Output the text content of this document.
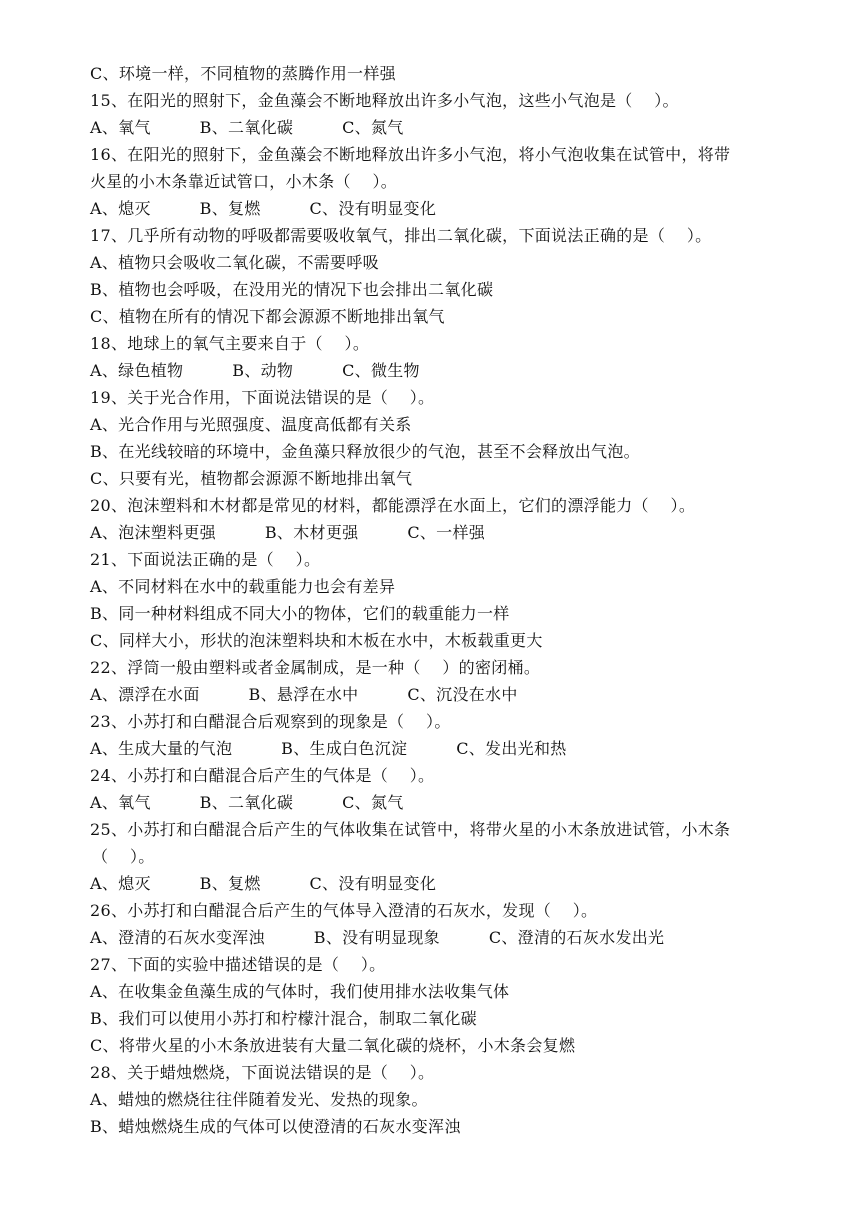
C、环境一样，不同植物的蒸腾作用一样强
15、在阳光的照射下，金鱼藻会不断地释放出许多小气泡，这些小气泡是（　 ）。
A、氧气　　　B、二氧化碳　　　C、氮气
16、在阳光的照射下，金鱼藻会不断地释放出许多小气泡，将小气泡收集在试管中，将带
火星的小木条靠近试管口，小木条（　 ）。
A、熄灭　　　B、复燃　　　C、没有明显变化
17、几乎所有动物的呼吸都需要吸收氧气，排出二氧化碳，下面说法正确的是（　 ）。
A、植物只会吸收二氧化碳，不需要呼吸
B、植物也会呼吸，在没用光的情况下也会排出二氧化碳
C、植物在所有的情况下都会源源不断地排出氧气
18、地球上的氧气主要来自于（　 ）。
A、绿色植物　　　B、动物　　　C、微生物
19、关于光合作用，下面说法错误的是（　 ）。
A、光合作用与光照强度、温度高低都有关系
B、在光线较暗的环境中，金鱼藻只释放很少的气泡，甚至不会释放出气泡。
C、只要有光，植物都会源源不断地排出氧气
20、泡沫塑料和木材都是常见的材料，都能漂浮在水面上，它们的漂浮能力（　 ）。
A、泡沫塑料更强　　　B、木材更强　　　C、一样强
21、下面说法正确的是（　 ）。
A、不同材料在水中的载重能力也会有差异
B、同一种材料组成不同大小的物体，它们的载重能力一样
C、同样大小，形状的泡沫塑料块和木板在水中，木板载重更大
22、浮筒一般由塑料或者金属制成，是一种（　 ）的密闭桶。
A、漂浮在水面　　　B、悬浮在水中　　　C、沉没在水中
23、小苏打和白醋混合后观察到的现象是（　 ）。
A、生成大量的气泡　　　B、生成白色沉淀　　　C、发出光和热
24、小苏打和白醋混合后产生的气体是（　 ）。
A、氧气　　　B、二氧化碳　　　C、氮气
25、小苏打和白醋混合后产生的气体收集在试管中，将带火星的小木条放进试管，小木条
（　 ）。
A、熄灭　　　B、复燃　　　C、没有明显变化
26、小苏打和白醋混合后产生的气体导入澄清的石灰水，发现（　 ）。
A、澄清的石灰水变浑浊　　　B、没有明显现象　　　C、澄清的石灰水发出光
27、下面的实验中描述错误的是（　 ）。
A、在收集金鱼藻生成的气体时，我们使用排水法收集气体
B、我们可以使用小苏打和柠檬汁混合，制取二氧化碳
C、将带火星的小木条放进装有大量二氧化碳的烧杯，小木条会复燃
28、关于蜡烛燃烧，下面说法错误的是（　 ）。
A、蜡烛的燃烧往往伴随着发光、发热的现象。
B、蜡烛燃烧生成的气体可以使澄清的石灰水变浑浊
